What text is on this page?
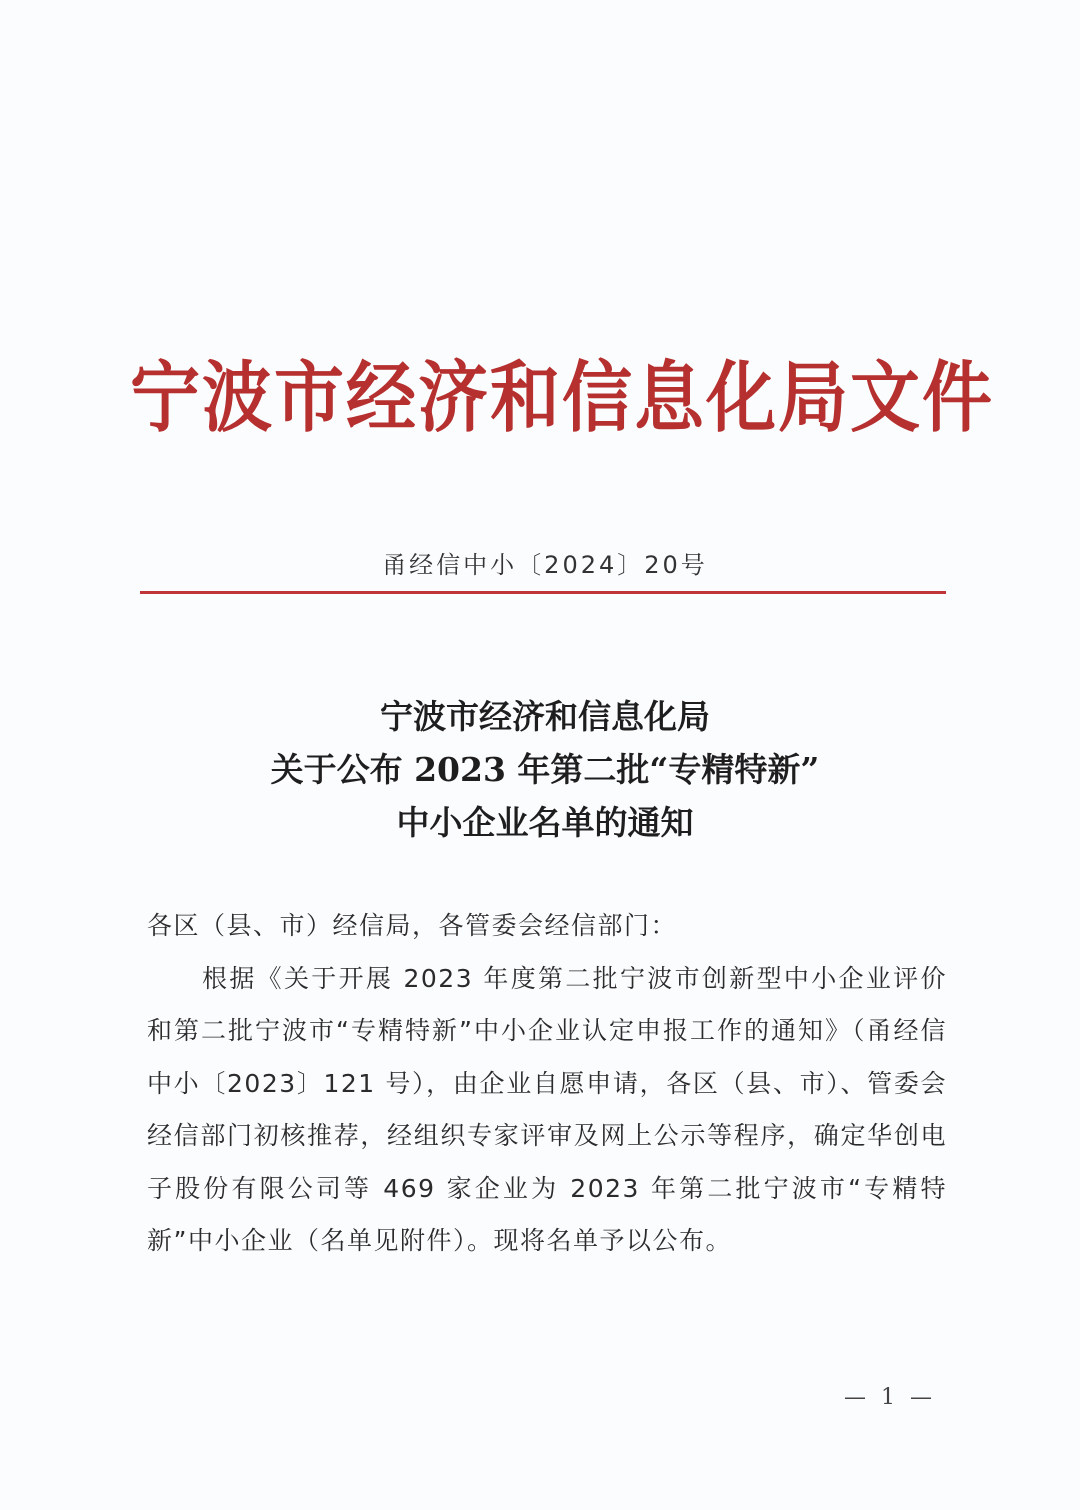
宁波市经济和信息化局文件
甬经信中小〔2024〕20号
宁波市经济和信息化局
关于公布 2023 年第二批“专精特新”
中小企业名单的通知

各区（县、市）经信局，各管委会经信部门：

根据《关于开展 2023 年度第二批宁波市创新型中小企业评价和第二批宁波市“专精特新”中小企业认定申报工作的通知》（甬经信中小〔2023〕121 号），由企业自愿申请，各区（县、市）、管委会经信部门初核推荐，经组织专家评审及网上公示等程序，确定华创电子股份有限公司等 469 家企业为 2023 年第二批宁波市“专精特新”中小企业（名单见附件）。现将名单予以公布。

— 1 —
